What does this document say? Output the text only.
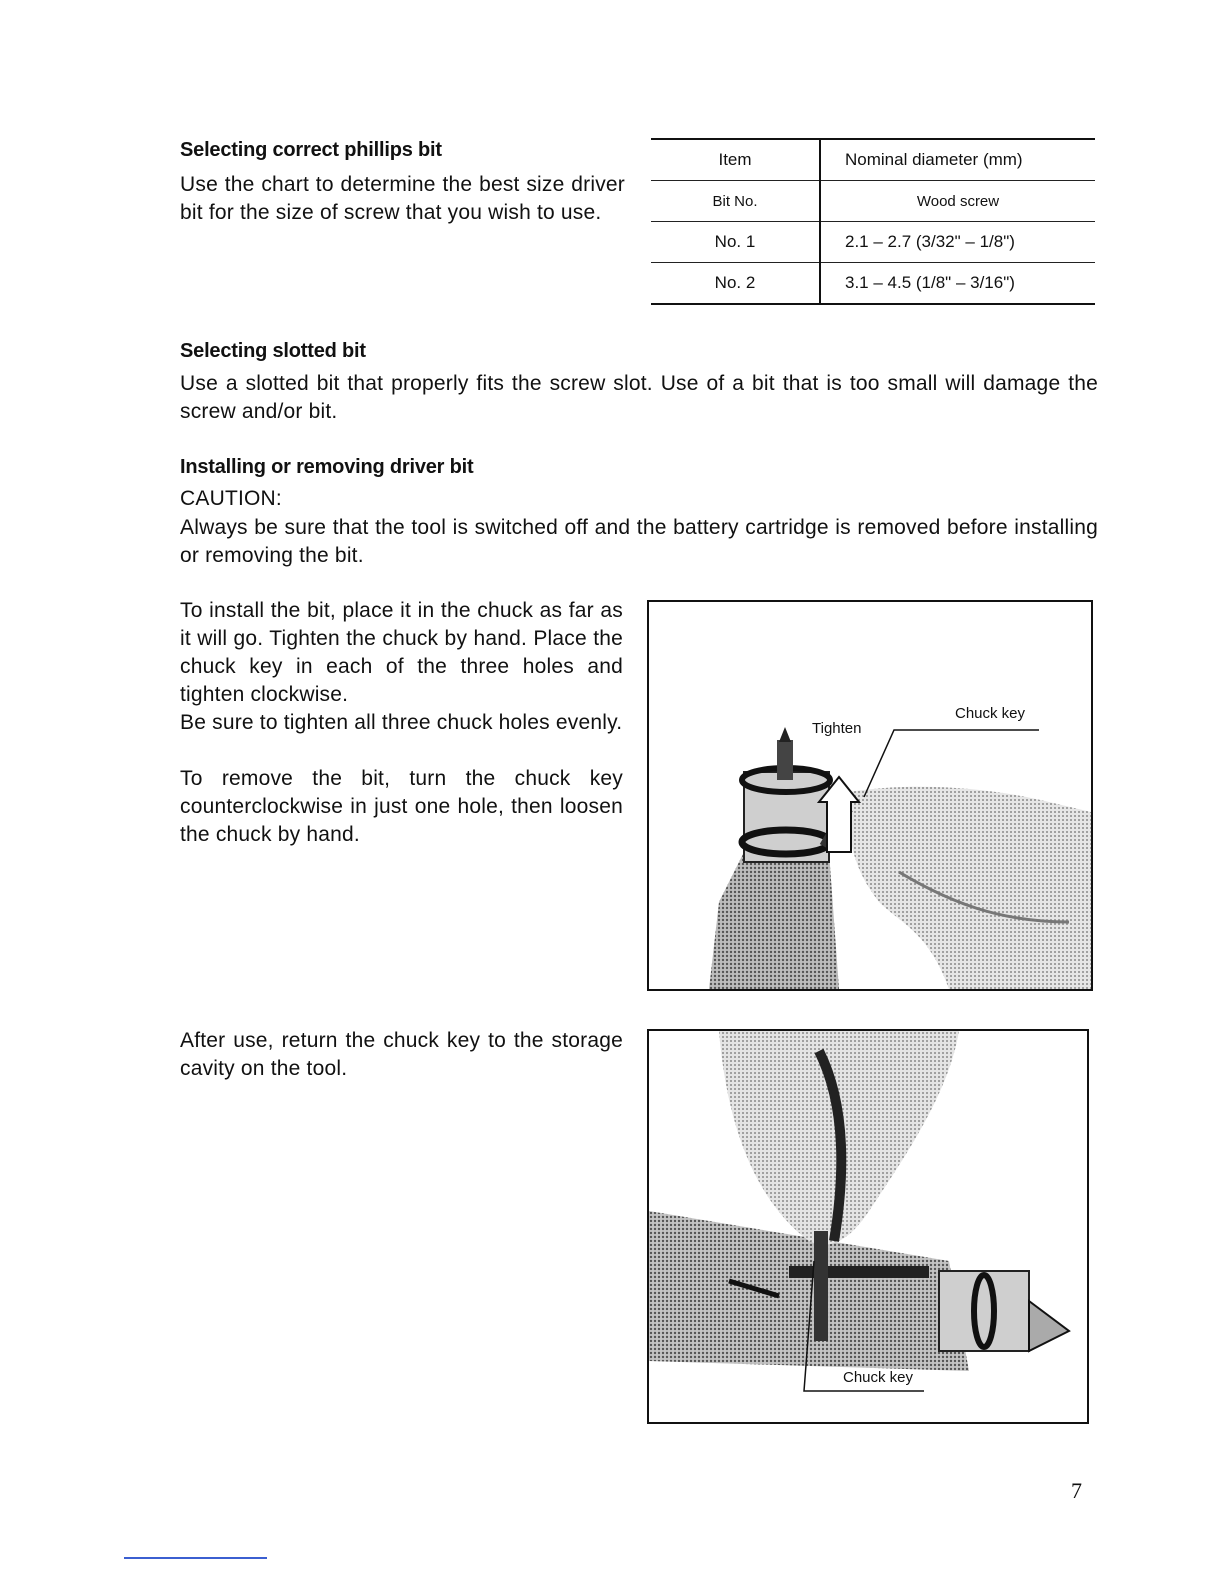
Selecting correct phillips bit
Use the chart to determine the best size driver bit for the size of screw that you wish to use.
Item	Nominal diameter (mm)
Bit No.	Wood screw
No. 1	2.1 – 2.7 (3/32" – 1/8")
No. 2	3.1 – 4.5 (1/8" – 3/16")
Selecting slotted bit
Use a slotted bit that properly fits the screw slot. Use of a bit that is too small will damage the screw and/or bit.
Installing or removing driver bit
CAUTION:
Always be sure that the tool is switched off and the battery cartridge is removed before installing or removing the bit.
To install the bit, place it in the chuck as far as it will go. Tighten the chuck by hand. Place the chuck key in each of the three holes and tighten clockwise.
Be sure to tighten all three chuck holes evenly.
To remove the bit, turn the chuck key counterclockwise in just one hole, then loosen the chuck by hand.
Tighten
Chuck key
After use, return the chuck key to the storage cavity on the tool.
Chuck key
7
